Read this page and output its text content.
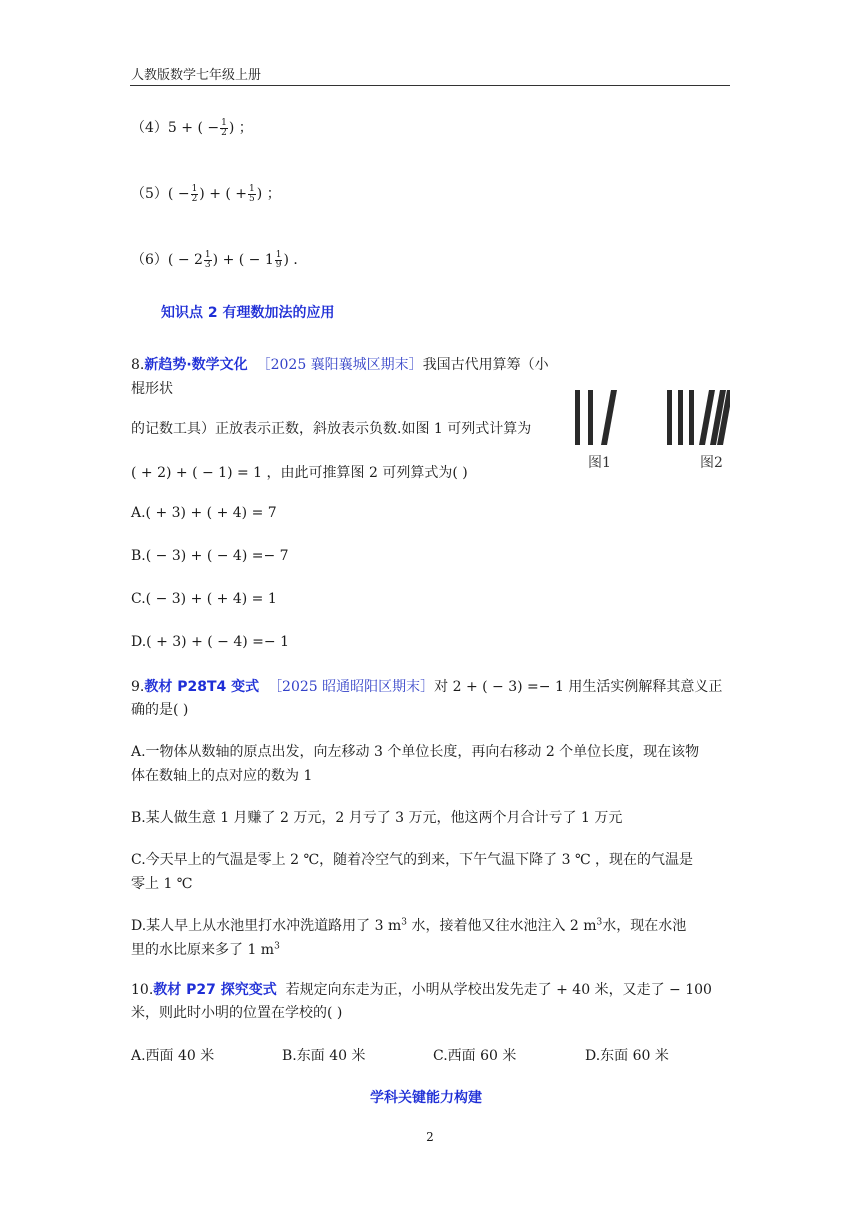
人教版数学七年级上册
（4）5 + ( − $\frac{1}{2}$ ) ；
$(5)( - \frac{1}{2}$ ) + ( + $\frac{1}{5}$ ) ；
$(6)( - 2 \frac{1}{3}$ ) + ( − $1 \frac{1}{9}$ ) ．
知识点 2 有理数加法的应用
8.新趋势·数学文化 ［2025 襄阳襄城区期末］我国古代用算筹（小
棍形状
的记数工具）正放表示正数，斜放表示负数.如图 1 可列式计算为
( + 2) + ( − 1) = 1 ，由此可推算图 2 可列算式为( )
A.( + 3) + ( + 4) = 7
B.( − 3) + ( − 4) =− 7
C.( − 3) + ( + 4) = 1
D.( + 3) + ( − 4) =− 1
图1	图2
9.教材 P28T4 变式 ［2025 昭通昭阳区期末］对 2 + ( − 3) =− 1 用生活实例解释其意义正
确的是( )
A.一物体从数轴的原点出发，向左移动 3 个单位长度，再向右移动 2 个单位长度，现在该物
体在数轴上的点对应的数为 1
B.某人做生意 1 月赚了 2 万元，2 月亏了 3 万元，他这两个月合计亏了 1 万元
C.今天早上的气温是零上 2 ℃，随着冷空气的到来，下午气温下降了 3 ℃ ，现在的气温是
零上 1 ℃
D.某人早上从水池里打水冲洗道路用了 3 $m^3$ 水，接着他又往水池注入 2 $m^3$水，现在水池
里的水比原来多了 1 $m^3$
10.教材 P27 探究变式 若规定向东走为正，小明从学校出发先走了 + 40 米，又走了 − 100
米，则此时小明的位置在学校的( )
A.西面 40 米	B.东面 40 米	C.西面 60 米	D.东面 60 米
学科关键能力构建
2
